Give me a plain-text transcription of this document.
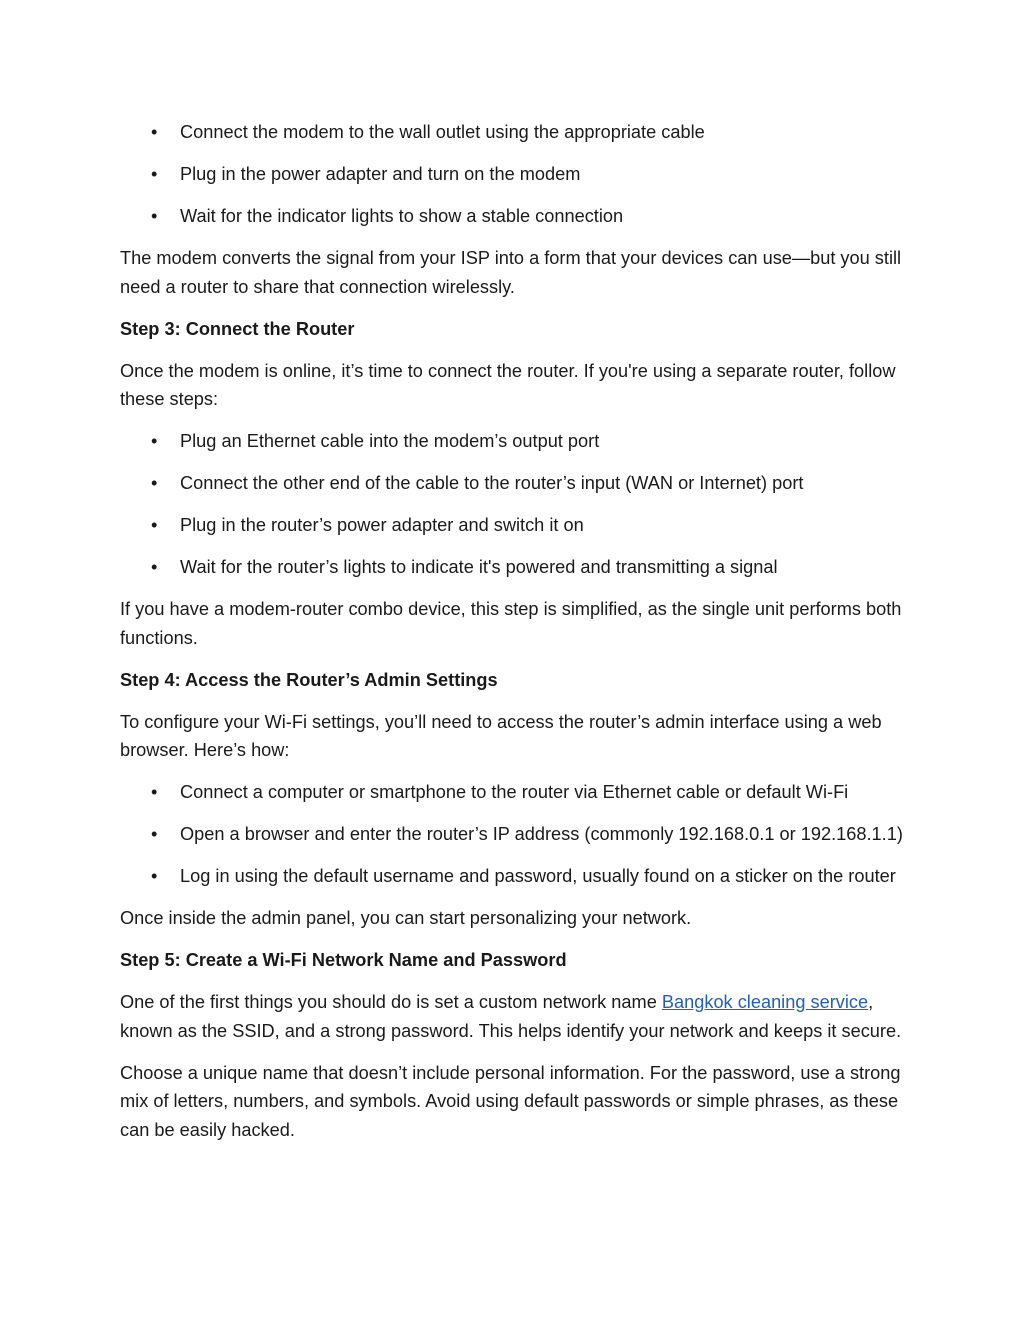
• Connect the modem to the wall outlet using the appropriate cable
• Plug in the power adapter and turn on the modem
• Wait for the indicator lights to show a stable connection

The modem converts the signal from your ISP into a form that your devices can use—but you still need a router to share that connection wirelessly.

Step 3: Connect the Router

Once the modem is online, it’s time to connect the router. If you're using a separate router, follow these steps:

• Plug an Ethernet cable into the modem’s output port
• Connect the other end of the cable to the router’s input (WAN or Internet) port
• Plug in the router’s power adapter and switch it on
• Wait for the router’s lights to indicate it's powered and transmitting a signal

If you have a modem-router combo device, this step is simplified, as the single unit performs both functions.

Step 4: Access the Router’s Admin Settings

To configure your Wi-Fi settings, you’ll need to access the router’s admin interface using a web browser. Here’s how:

• Connect a computer or smartphone to the router via Ethernet cable or default Wi-Fi
• Open a browser and enter the router’s IP address (commonly 192.168.0.1 or 192.168.1.1)
• Log in using the default username and password, usually found on a sticker on the router

Once inside the admin panel, you can start personalizing your network.

Step 5: Create a Wi-Fi Network Name and Password

One of the first things you should do is set a custom network name Bangkok cleaning service, known as the SSID, and a strong password. This helps identify your network and keeps it secure.

Choose a unique name that doesn’t include personal information. For the password, use a strong mix of letters, numbers, and symbols. Avoid using default passwords or simple phrases, as these can be easily hacked.
